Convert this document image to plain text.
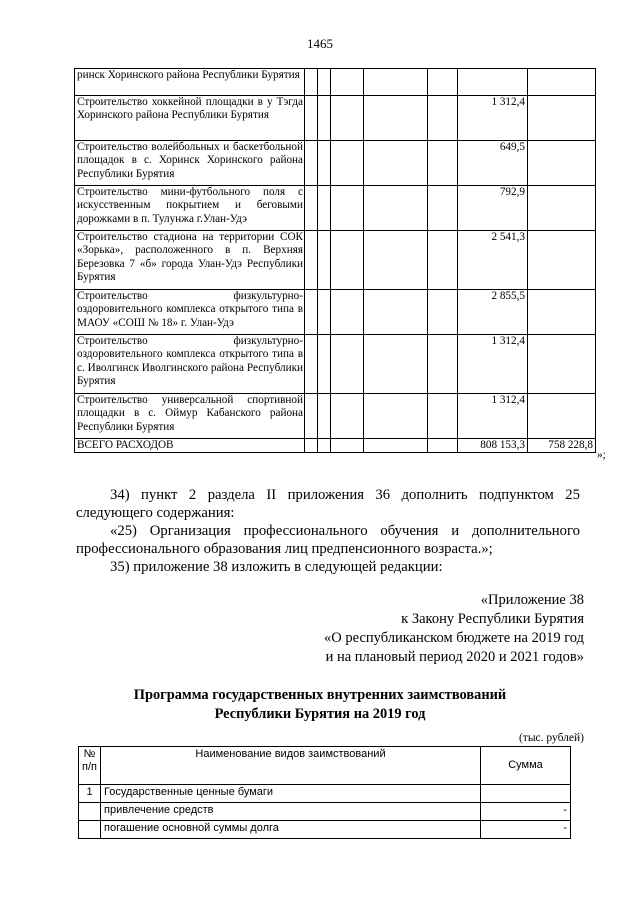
1465
ринск Хоринского района Республики Бурятия							

Строительство хоккейной площадки в у Тэгда Хоринского района Республики Бурятия						1 312,4	

Строительство волейбольных и баскетбольной площадок в с. Хоринск Хоринского района Республики Бурятия						649,5	

Строительство мини-футбольного поля с искусственным покрытием и беговыми дорожками в п. Тулунжа г.Улан-Удэ						792,9	

Строительство стадиона на территории СОК «Зорька», расположенного в п. Верхняя Березовка 7 «б» города Улан-Удэ Республики Бурятия						2 541,3	

Строительство физкультурно-оздоровительного комплекса открытого типа в МАОУ «СОШ № 18» г. Улан-Удэ						2 855,5	

Строительство физкультурно-оздоровительного комплекса открытого типа в с. Иволгинск Иволгинского района Республики Бурятия						1 312,4	

Строительство универсальной спортивной площадки в с. Оймур Кабанского района Республики Бурятия						1 312,4	

ВСЕГО РАСХОДОВ						808 153,3	758 228,8
»;
34) пункт 2 раздела II приложения 36 дополнить подпунктом 25 следующего содержания:
«25) Организация профессионального обучения и дополнительного профессионального образования лиц предпенсионного возраста.»;
35) приложение 38 изложить в следующей редакции:
«Приложение 38
к Закону Республики Бурятия
«О республиканском бюджете на 2019 год
и на плановый период 2020 и 2021 годов»
Программа государственных внутренних заимствований
Республики Бурятия на 2019 год
(тыс. рублей)
№ п/п	Наименование видов заимствований	Сумма
1	Государственные ценные бумаги	
	привлечение средств	-
	погашение основной суммы долга	-
